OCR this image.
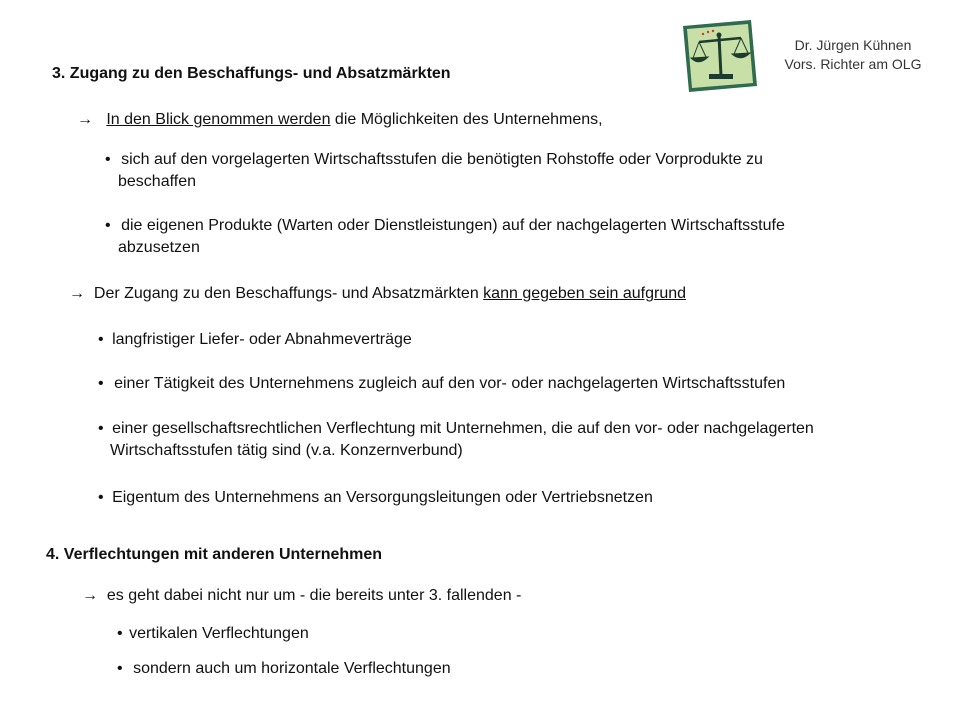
Dr. Jürgen Kühnen
Vors. Richter am OLG
3. Zugang zu den Beschaffungs- und Absatzmärkten
→ In den Blick genommen werden die Möglichkeiten des Unternehmens,
• sich auf den vorgelagerten Wirtschaftsstufen die benötigten Rohstoffe oder Vorprodukte zu
beschaffen
• die eigenen Produkte (Warten oder Dienstleistungen) auf der nachgelagerten Wirtschaftsstufe
abzusetzen
→ Der Zugang zu den Beschaffungs- und Absatzmärkten kann gegeben sein aufgrund
• langfristiger Liefer- oder Abnahmeverträge
• einer Tätigkeit des Unternehmens zugleich auf den vor- oder nachgelagerten Wirtschaftsstufen
• einer gesellschaftsrechtlichen Verflechtung mit Unternehmen, die auf den vor- oder nachgelagerten
Wirtschaftsstufen tätig sind (v.a. Konzernverbund)
• Eigentum des Unternehmens an Versorgungsleitungen oder Vertriebsnetzen
4. Verflechtungen mit anderen Unternehmen
→ es geht dabei nicht nur um - die bereits unter 3. fallenden -
• vertikalen Verflechtungen
• sondern auch um horizontale Verflechtungen
